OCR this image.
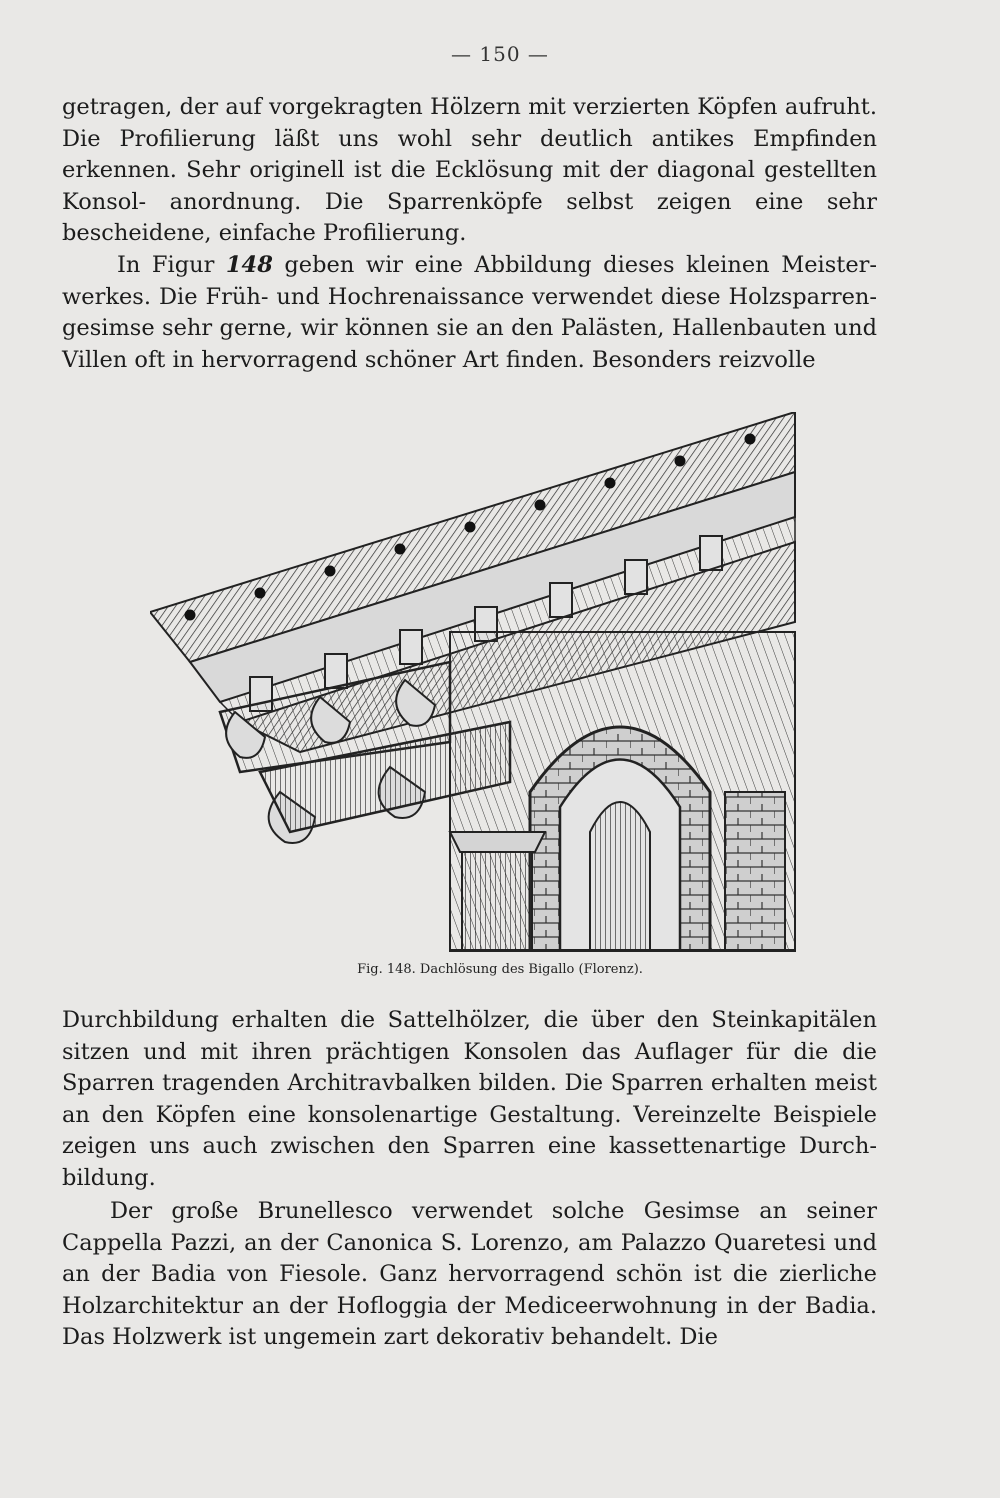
— 150 —

getragen, der auf vorgekragten Hölzern mit verzierten Köpfen aufruht. Die Profilierung läßt uns wohl sehr deutlich antikes Empfinden erkennen. Sehr originell ist die Ecklösung mit der diagonal gestellten Konsol‐ anordnung. Die Sparrenköpfe selbst zeigen eine sehr bescheidene, einfache Profilierung.

In Figur 148 geben wir eine Abbildung dieses kleinen Meister‐ werkes. Die Früh‐ und Hochrenaissance verwendet diese Holzsparren‐ gesimse sehr gerne, wir können sie an den Palästen, Hallenbauten und Villen oft in hervorragend schöner Art finden. Besonders reizvolle

Fig. 148. Dachlösung des Bigallo (Florenz).

Durchbildung erhalten die Sattelhölzer, die über den Steinkapitälen sitzen und mit ihren prächtigen Konsolen das Auflager für die die Sparren tragenden Architravbalken bilden. Die Sparren erhalten meist an den Köpfen eine konsolenartige Gestaltung. Vereinzelte Beispiele zeigen uns auch zwischen den Sparren eine kassettenartige Durch‐ bildung.

Der große Brunellesco verwendet solche Gesimse an seiner Cappella Pazzi, an der Canonica S. Lorenzo, am Palazzo Quaretesi und an der Badia von Fiesole. Ganz hervorragend schön ist die zierliche Holzarchitektur an der Hofloggia der Mediceerwohnung in der Badia. Das Holzwerk ist ungemein zart dekorativ behandelt. Die
